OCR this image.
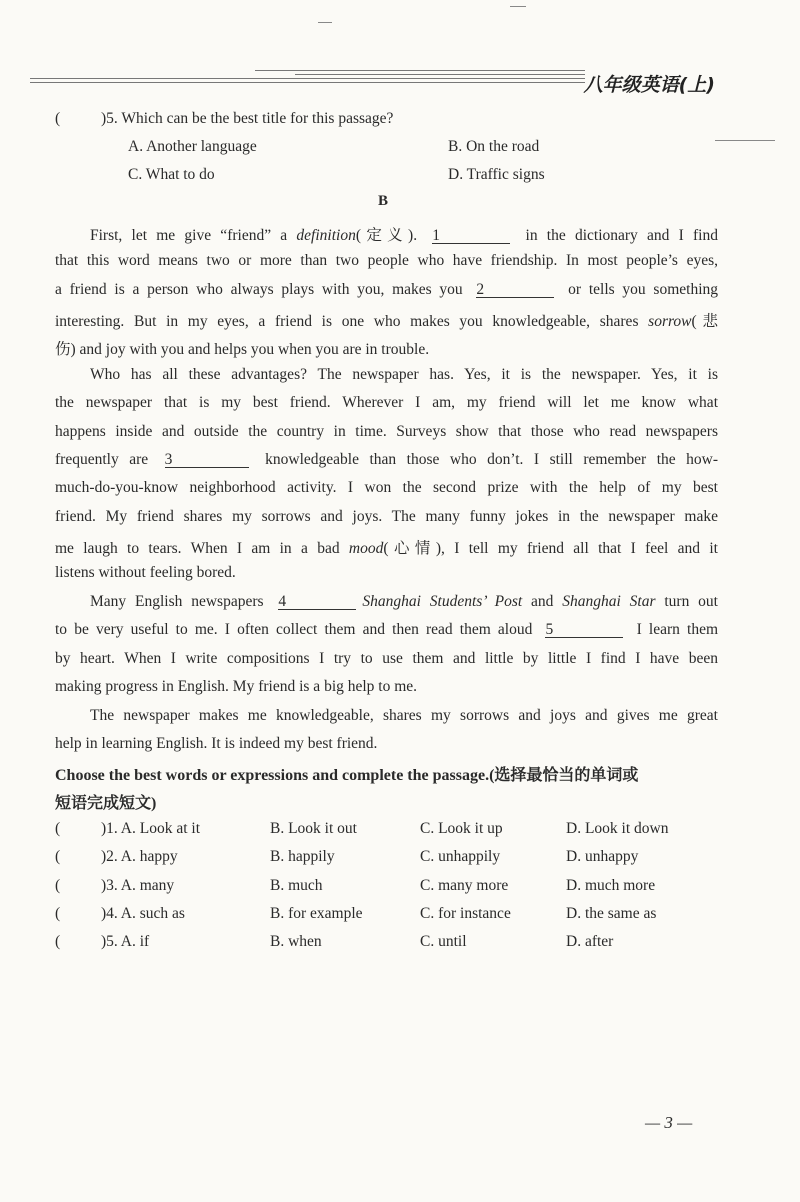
八年级英语(上)
(	)5. Which can be the best title for this passage?
A. Another language	B. On the road
C. What to do	D. Traffic signs
B
First, let me give “friend” a definition(定义). 1	in the dictionary and I find
that this word means two or more than two people who have friendship. In most people’s eyes,
a friend is a person who always plays with you, makes you 2	or tells you something
interesting. But in my eyes, a friend is one who makes you knowledgeable, shares sorrow(悲
伤) and joy with you and helps you when you are in trouble.
Who has all these advantages? The newspaper has. Yes, it is the newspaper. Yes, it is
the newspaper that is my best friend. Wherever I am, my friend will let me know what
happens inside and outside the country in time. Surveys show that those who read newspapers
frequently are 3	knowledgeable than those who don’t. I still remember the how-
much-do-you-know neighborhood activity. I won the second prize with the help of my best
friend. My friend shares my sorrows and joys. The many funny jokes in the newspaper make
me laugh to tears. When I am in a bad mood(心情), I tell my friend all that I feel and it
listens without feeling bored.
Many English newspapers 4	Shanghai Students’ Post and Shanghai Star turn out
to be very useful to me. I often collect them and then read them aloud 5	I learn them
by heart. When I write compositions I try to use them and little by little I find I have been
making progress in English. My friend is a big help to me.
The newspaper makes me knowledgeable, shares my sorrows and joys and gives me great
help in learning English. It is indeed my best friend.
Choose the best words or expressions and complete the passage.(选择最恰当的单词或
短语完成短文)
(	)1. A. Look at it	B. Look it out	C. Look it up	D. Look it down
(	)2. A. happy	B. happily	C. unhappily	D. unhappy
(	)3. A. many	B. much	C. many more	D. much more
(	)4. A. such as	B. for example	C. for instance	D. the same as
(	)5. A. if	B. when	C. until	D. after
— 3 —
